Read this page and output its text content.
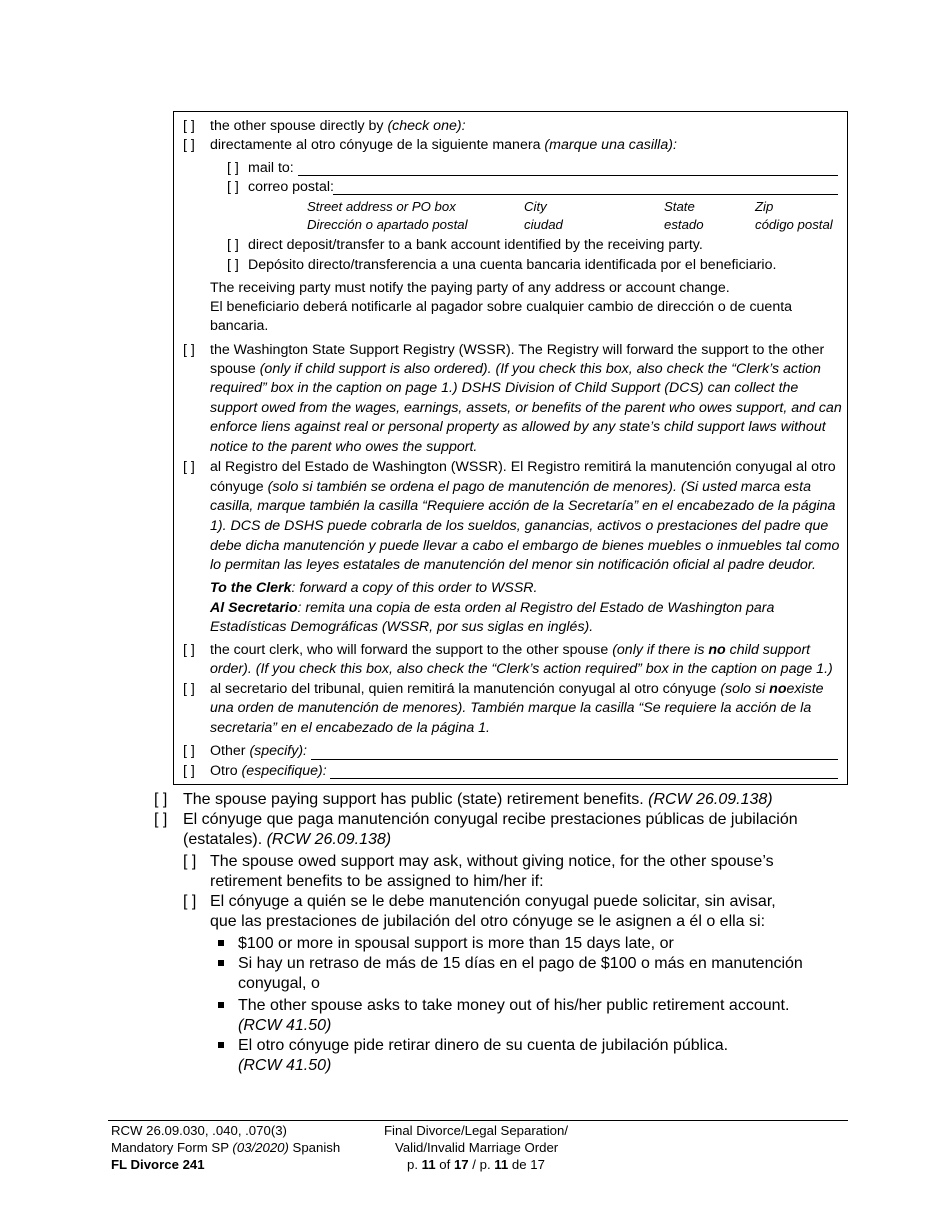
[ ] the other spouse directly by (check one):
[ ] directamente al otro cónyuge de la siguiente manera (marque una casilla):
[ ] mail to:
[ ] correo postal:
Street address or PO box
Dirección o apartado postal
City
ciudad
State
estado
Zip
código postal
[ ] direct deposit/transfer to a bank account identified by the receiving party.
[ ] Depósito directo/transferencia a una cuenta bancaria identificada por el beneficiario.
The receiving party must notify the paying party of any address or account change.
El beneficiario deberá notificarle al pagador sobre cualquier cambio de dirección o de cuenta
bancaria.
[ ] the Washington State Support Registry (WSSR). The Registry will forward the support to the other
spouse (only if child support is also ordered). (If you check this box, also check the “Clerk’s action
required” box in the caption on page 1.) DSHS Division of Child Support (DCS) can collect the
support owed from the wages, earnings, assets, or benefits of the parent who owes support, and can
enforce liens against real or personal property as allowed by any state’s child support laws without
notice to the parent who owes the support.
[ ] al Registro del Estado de Washington (WSSR). El Registro remitirá la manutención conyugal al otro
cónyuge (solo si también se ordena el pago de manutención de menores). (Si usted marca esta
casilla, marque también la casilla “Requiere acción de la Secretaría” en el encabezado de la página
1). DCS de DSHS puede cobrarla de los sueldos, ganancias, activos o prestaciones del padre que
debe dicha manutención y puede llevar a cabo el embargo de bienes muebles o inmuebles tal como
lo permitan las leyes estatales de manutención del menor sin notificación oficial al padre deudor.
To the Clerk: forward a copy of this order to WSSR.
Al Secretario: remita una copia de esta orden al Registro del Estado de Washington para
Estadísticas Demográficas (WSSR, por sus siglas en inglés).
[ ] the court clerk, who will forward the support to the other spouse (only if there is no child support
order). (If you check this box, also check the “Clerk’s action required” box in the caption on page 1.)
[ ] al secretario del tribunal, quien remitirá la manutención conyugal al otro cónyuge (solo si noexiste
una orden de manutención de menores). También marque la casilla “Se requiere la acción de la
secretaria” en el encabezado de la página 1.
[ ] Other (specify):
[ ] Otro (especifique):
[ ] The spouse paying support has public (state) retirement benefits. (RCW 26.09.138)
[ ] El cónyuge que paga manutención conyugal recibe prestaciones públicas de jubilación
(estatales). (RCW 26.09.138)
[ ] The spouse owed support may ask, without giving notice, for the other spouse’s
retirement benefits to be assigned to him/her if:
[ ] El cónyuge a quién se le debe manutención conyugal puede solicitar, sin avisar,
que las prestaciones de jubilación del otro cónyuge se le asignen a él o ella si:
$100 or more in spousal support is more than 15 days late, or
Si hay un retraso de más de 15 días en el pago de $100 o más en manutención
conyugal, o
The other spouse asks to take money out of his/her public retirement account.
(RCW 41.50)
El otro cónyuge pide retirar dinero de su cuenta de jubilación pública.
(RCW 41.50)
RCW 26.09.030, .040, .070(3)
Mandatory Form SP (03/2020) Spanish
FL Divorce 241
Final Divorce/Legal Separation/
Valid/Invalid Marriage Order
p. 11 of 17 / p. 11 de 17
